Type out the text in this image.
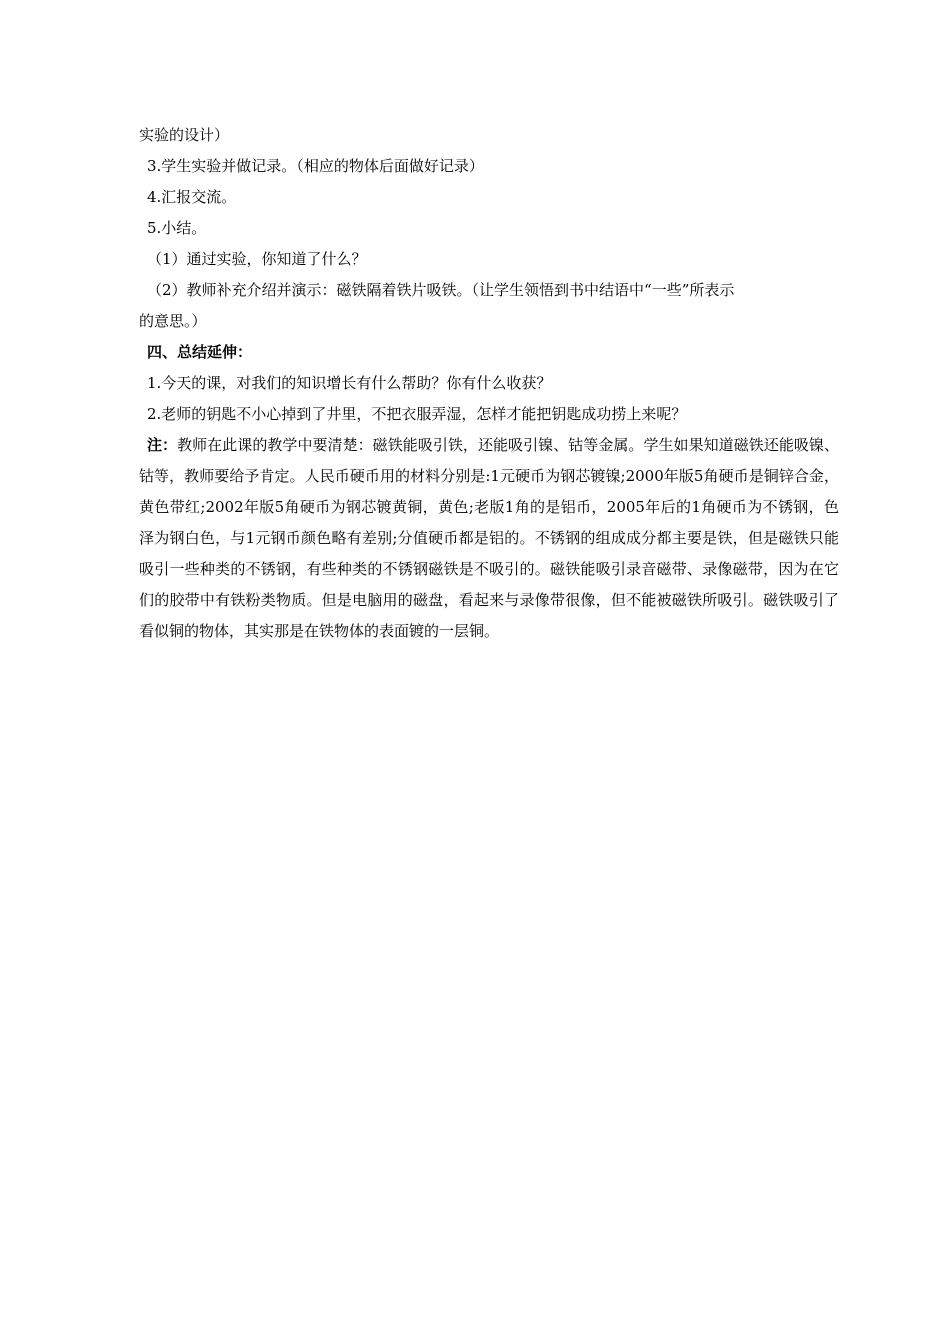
实验的设计）
3.学生实验并做记录。（相应的物体后面做好记录）
4.汇报交流。
5.小结。
（1）通过实验，你知道了什么？
（2）教师补充介绍并演示：磁铁隔着铁片吸铁。（让学生领悟到书中结语中“一些”所表示
的意思。）
四、总结延伸：
1.今天的课，对我们的知识增长有什么帮助？你有什么收获？
2.老师的钥匙不小心掉到了井里，不把衣服弄湿，怎样才能把钥匙成功捞上来呢？
注：教师在此课的教学中要清楚：磁铁能吸引铁，还能吸引镍、钴等金属。学生如果知道磁铁还能吸镍、钴等，教师要给予肯定。人民币硬币用的材料分别是:1元硬币为钢芯镀镍;2000年版5角硬币是铜锌合金，黄色带红;2002年版5角硬币为钢芯镀黄铜，黄色;老版1角的是铝币，2005年后的1角硬币为不锈钢，色泽为钢白色，与1元钢币颜色略有差别;分值硬币都是铝的。不锈钢的组成成分都主要是铁，但是磁铁只能吸引一些种类的不锈钢，有些种类的不锈钢磁铁是不吸引的。磁铁能吸引录音磁带、录像磁带，因为在它们的胶带中有铁粉类物质。但是电脑用的磁盘，看起来与录像带很像，但不能被磁铁所吸引。磁铁吸引了看似铜的物体，其实那是在铁物体的表面镀的一层铜。
